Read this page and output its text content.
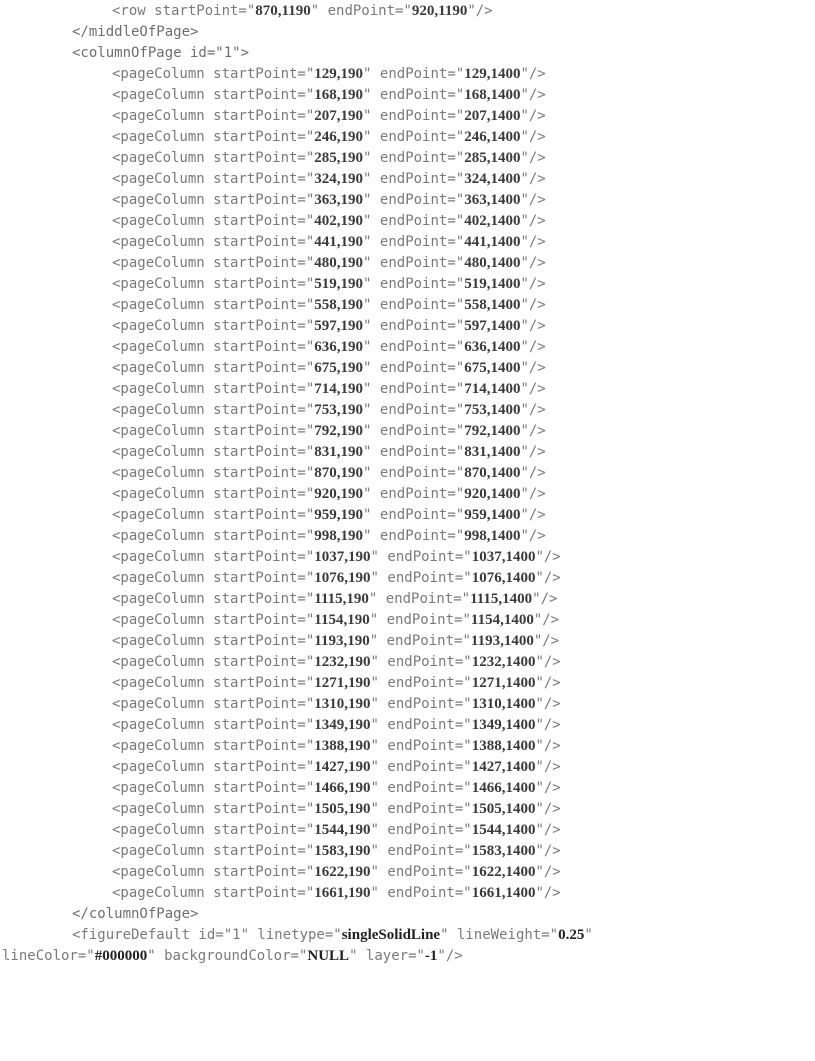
<row startPoint="870,1190" endPoint="920,1190"/>
</middleOfPage>
<columnOfPage id="1">
<pageColumn startPoint="129,190" endPoint="129,1400"/>
<pageColumn startPoint="168,190" endPoint="168,1400"/>
<pageColumn startPoint="207,190" endPoint="207,1400"/>
<pageColumn startPoint="246,190" endPoint="246,1400"/>
<pageColumn startPoint="285,190" endPoint="285,1400"/>
<pageColumn startPoint="324,190" endPoint="324,1400"/>
<pageColumn startPoint="363,190" endPoint="363,1400"/>
<pageColumn startPoint="402,190" endPoint="402,1400"/>
<pageColumn startPoint="441,190" endPoint="441,1400"/>
<pageColumn startPoint="480,190" endPoint="480,1400"/>
<pageColumn startPoint="519,190" endPoint="519,1400"/>
<pageColumn startPoint="558,190" endPoint="558,1400"/>
<pageColumn startPoint="597,190" endPoint="597,1400"/>
<pageColumn startPoint="636,190" endPoint="636,1400"/>
<pageColumn startPoint="675,190" endPoint="675,1400"/>
<pageColumn startPoint="714,190" endPoint="714,1400"/>
<pageColumn startPoint="753,190" endPoint="753,1400"/>
<pageColumn startPoint="792,190" endPoint="792,1400"/>
<pageColumn startPoint="831,190" endPoint="831,1400"/>
<pageColumn startPoint="870,190" endPoint="870,1400"/>
<pageColumn startPoint="920,190" endPoint="920,1400"/>
<pageColumn startPoint="959,190" endPoint="959,1400"/>
<pageColumn startPoint="998,190" endPoint="998,1400"/>
<pageColumn startPoint="1037,190" endPoint="1037,1400"/>
<pageColumn startPoint="1076,190" endPoint="1076,1400"/>
<pageColumn startPoint="1115,190" endPoint="1115,1400"/>
<pageColumn startPoint="1154,190" endPoint="1154,1400"/>
<pageColumn startPoint="1193,190" endPoint="1193,1400"/>
<pageColumn startPoint="1232,190" endPoint="1232,1400"/>
<pageColumn startPoint="1271,190" endPoint="1271,1400"/>
<pageColumn startPoint="1310,190" endPoint="1310,1400"/>
<pageColumn startPoint="1349,190" endPoint="1349,1400"/>
<pageColumn startPoint="1388,190" endPoint="1388,1400"/>
<pageColumn startPoint="1427,190" endPoint="1427,1400"/>
<pageColumn startPoint="1466,190" endPoint="1466,1400"/>
<pageColumn startPoint="1505,190" endPoint="1505,1400"/>
<pageColumn startPoint="1544,190" endPoint="1544,1400"/>
<pageColumn startPoint="1583,190" endPoint="1583,1400"/>
<pageColumn startPoint="1622,190" endPoint="1622,1400"/>
<pageColumn startPoint="1661,190" endPoint="1661,1400"/>
</columnOfPage>
<figureDefault id="1" linetype="singleSolidLine" lineWeight="0.25"
lineColor="#000000" backgroundColor="NULL" layer="-1"/>
